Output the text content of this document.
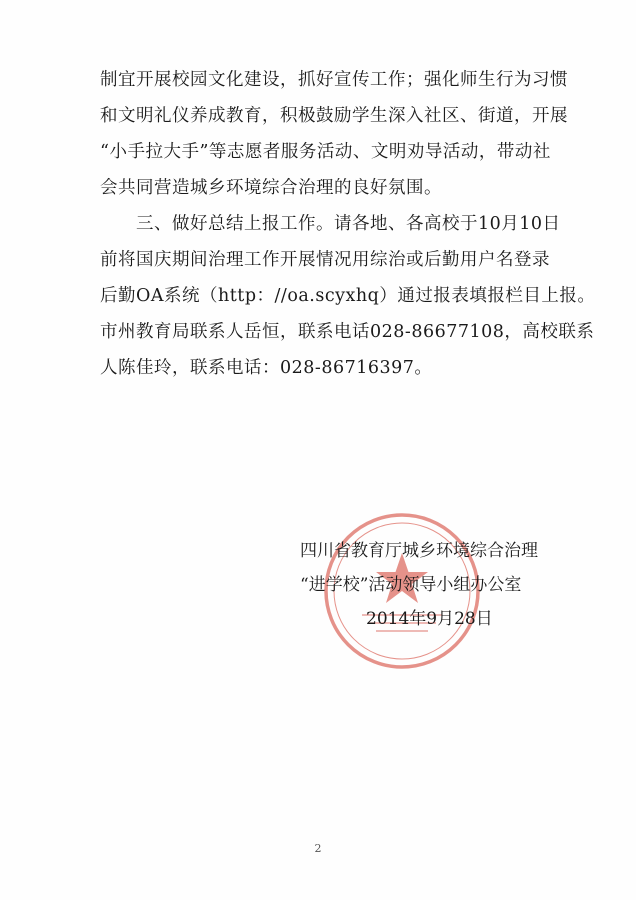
制宜开展校园文化建设，抓好宣传工作；强化师生行为习惯
和文明礼仪养成教育，积极鼓励学生深入社区、街道，开展
“小手拉大手”等志愿者服务活动、文明劝导活动，带动社
会共同营造城乡环境综合治理的良好氛围。
　　三、做好总结上报工作。请各地、各高校于10月10日
前将国庆期间治理工作开展情况用综治或后勤用户名登录
后勤OA系统（http：//oa.scyxhq）通过报表填报栏目上报。
市州教育局联系人岳恒，联系电话028-86677108，高校联系
人陈佳玲，联系电话：028-86716397。
四川省教育厅城乡环境综合治理
“进学校”活动领导小组办公室
2014年9月28日
2
